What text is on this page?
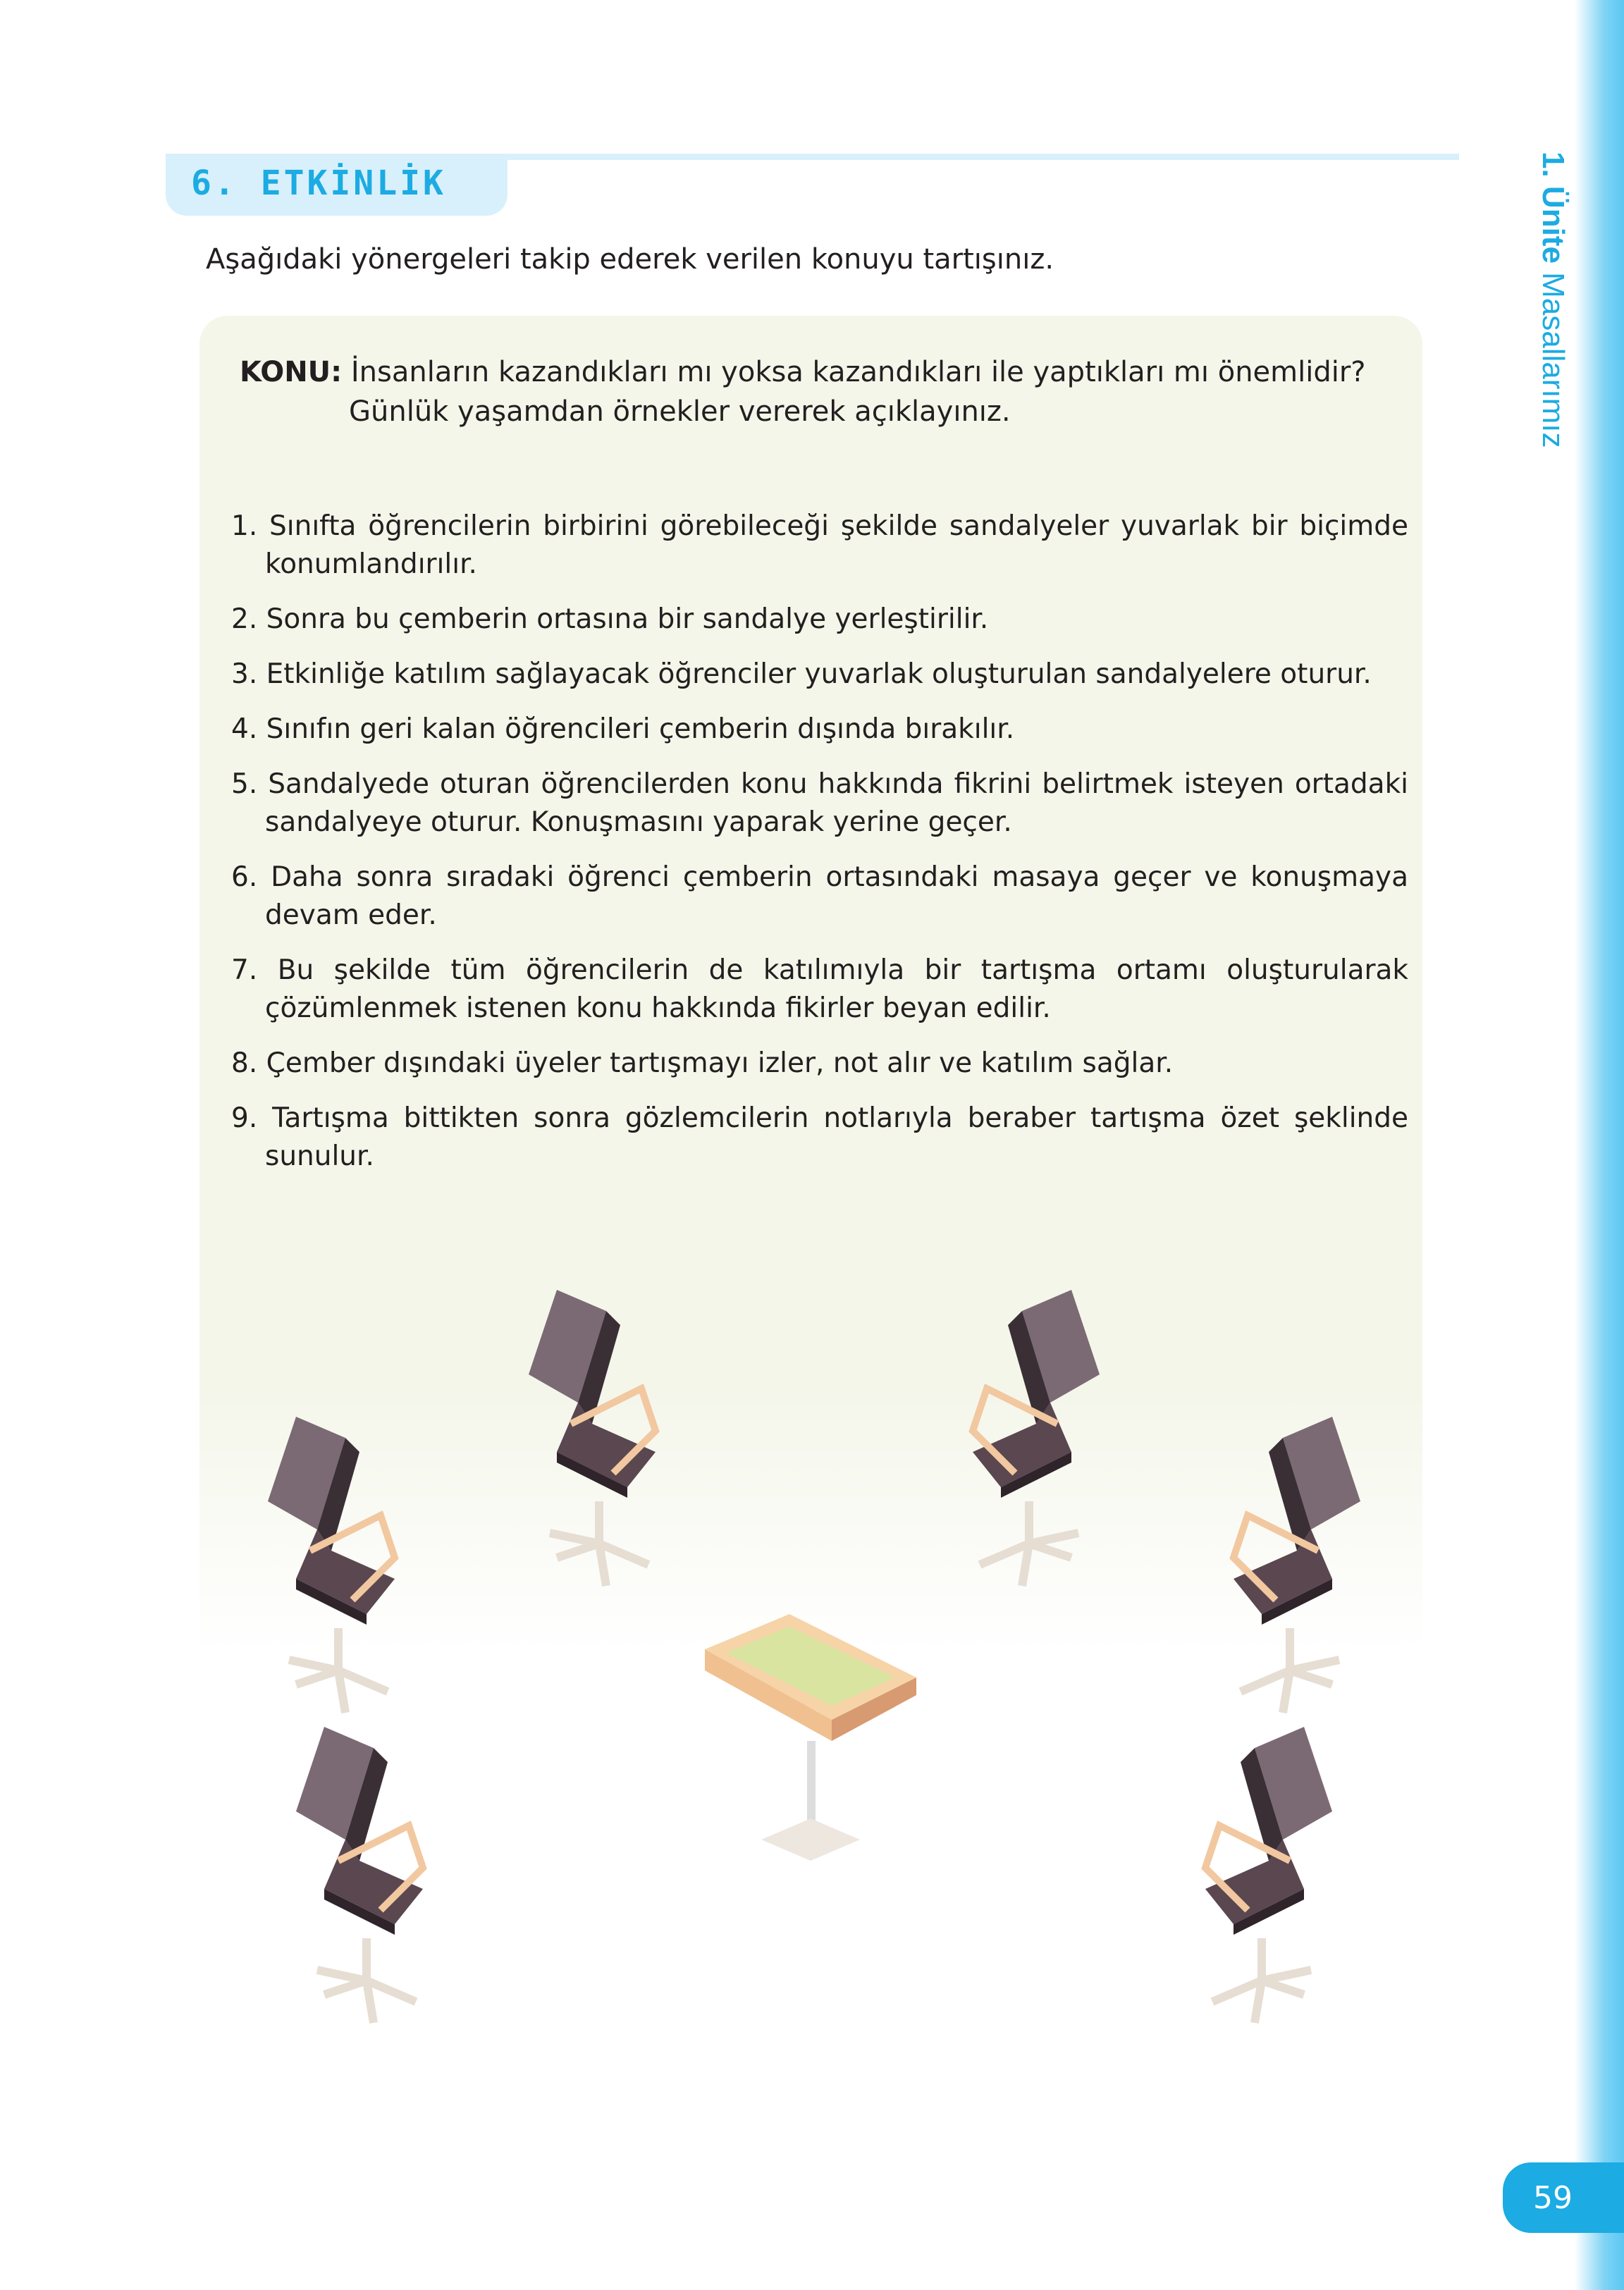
1. Ünite Masallarımız
6. ETKİNLİK
Aşağıdaki yönergeleri takip ederek verilen konuyu tartışınız.
KONU: İnsanların kazandıkları mı yoksa kazandıkları ile yaptıkları mı önemlidir?
Günlük yaşamdan örnekler vererek açıklayınız.
1. Sınıfta öğrencilerin birbirini görebileceği şekilde sandalyeler yuvarlak bir biçimde konumlandırılır.
2. Sonra bu çemberin ortasına bir sandalye yerleştirilir.
3. Etkinliğe katılım sağlayacak öğrenciler yuvarlak oluşturulan sandalyelere oturur.
4. Sınıfın geri kalan öğrencileri çemberin dışında bırakılır.
5. Sandalyede oturan öğrencilerden konu hakkında fikrini belirtmek isteyen ortadaki sandalyeye oturur. Konuşmasını yaparak yerine geçer.
6. Daha sonra sıradaki öğrenci çemberin ortasındaki masaya geçer ve konuşmaya devam eder.
7. Bu şekilde tüm öğrencilerin de katılımıyla bir tartışma ortamı oluşturularak çözümlenmek istenen konu hakkında fikirler beyan edilir.
8. Çember dışındaki üyeler tartışmayı izler, not alır ve katılım sağlar.
9. Tartışma bittikten sonra gözlemcilerin notlarıyla beraber tartışma özet şeklinde sunulur.
59
